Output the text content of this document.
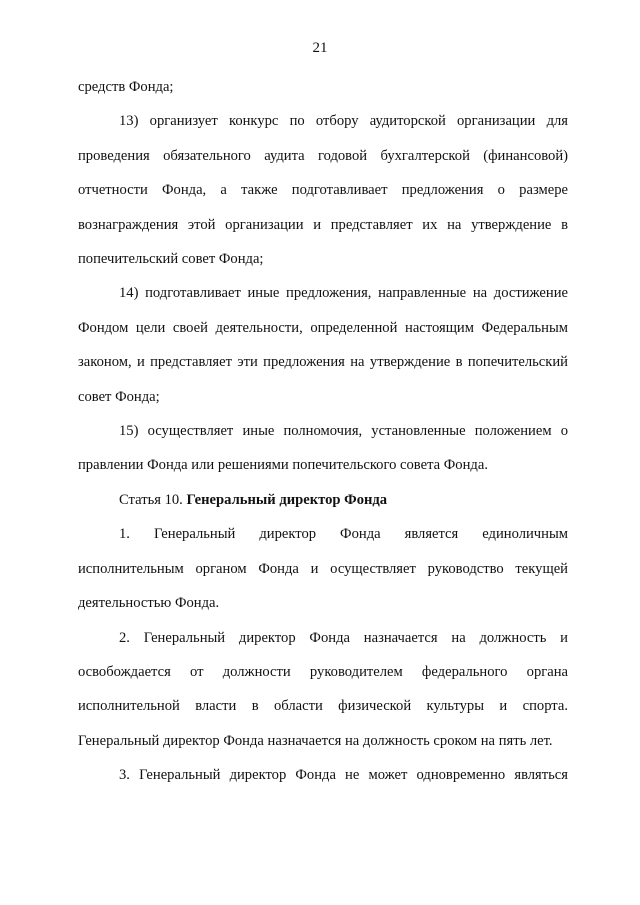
21

средств Фонда;

13) организует конкурс по отбору аудиторской организации для проведения обязательного аудита годовой бухгалтерской (финансовой) отчетности Фонда, а также подготавливает предложения о размере вознаграждения этой организации и представляет их на утверждение в попечительский совет Фонда;

14) подготавливает иные предложения, направленные на достижение Фондом цели своей деятельности, определенной настоящим Федеральным законом, и представляет эти предложения на утверждение в попечительский совет Фонда;

15) осуществляет иные полномочия, установленные положением о правлении Фонда или решениями попечительского совета Фонда.

Статья 10. Генеральный директор Фонда

1. Генеральный директор Фонда является единоличным исполнительным органом Фонда и осуществляет руководство текущей деятельностью Фонда.

2. Генеральный директор Фонда назначается на должность и освобождается от должности руководителем федерального органа исполнительной власти в области физической культуры и спорта. Генеральный директор Фонда назначается на должность сроком на пять лет.

3. Генеральный директор Фонда не может одновременно являться
